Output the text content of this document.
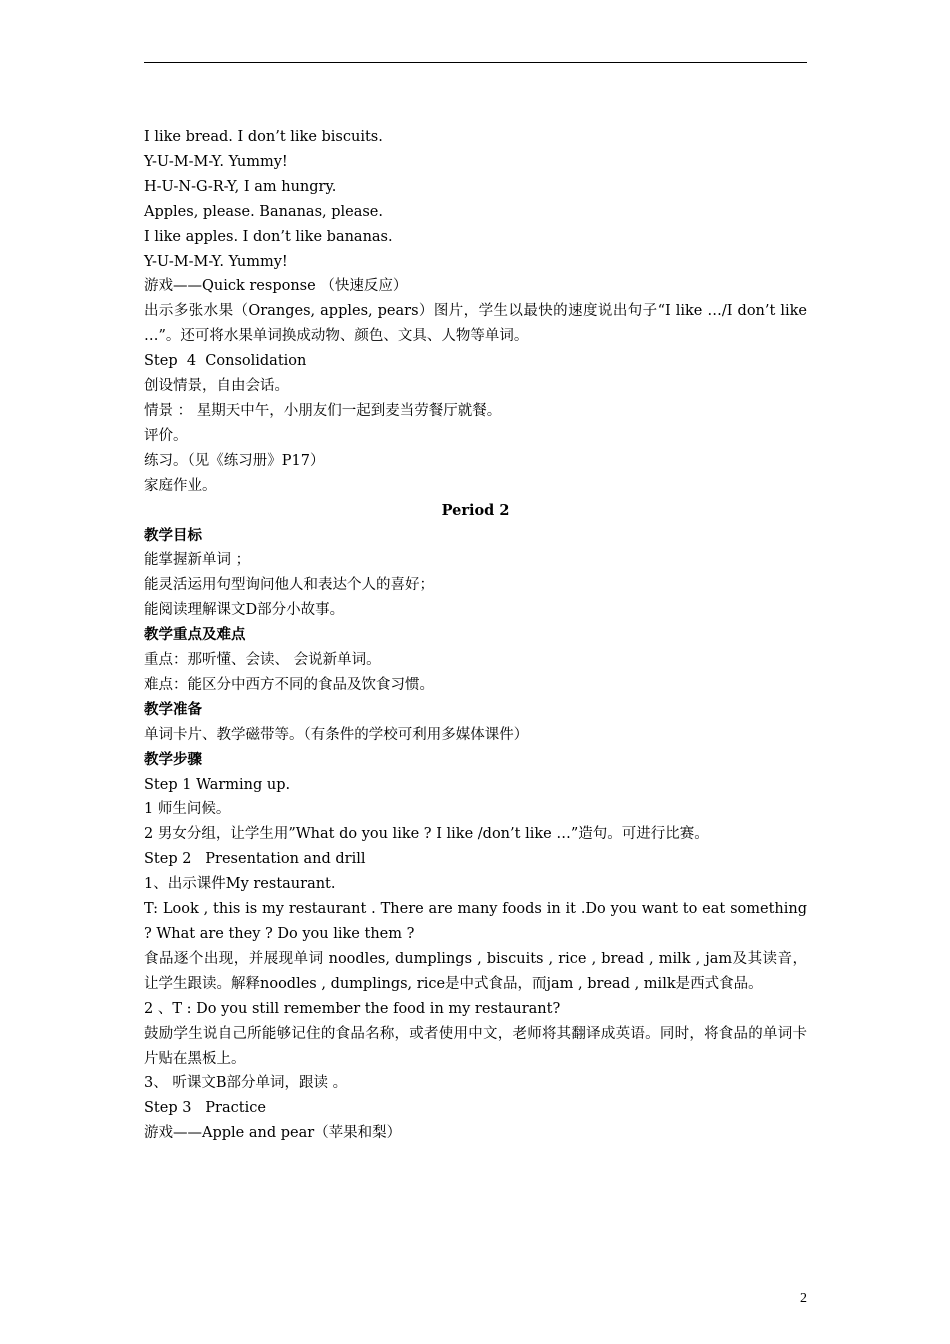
I like bread. I don’t like biscuits.
Y-U-M-M-Y. Yummy!
H-U-N-G-R-Y, I am hungry.
Apples, please. Bananas, please.
I like apples. I don’t like bananas.
Y-U-M-M-Y. Yummy!
游戏——Quick response （快速反应）
出示多张水果（Oranges, apples, pears）图片，学生以最快的速度说出句子“I like …/I don’t like …”。还可将水果单词换成动物、颜色、文具、人物等单词。
Step  4  Consolidation
创设情景，自由会话。
情景 ： 星期天中午，小朋友们一起到麦当劳餐厅就餐。
评价。
练习。（见《练习册》P17）
家庭作业。
Period 2
教学目标
能掌握新单词 ；
能灵活运用句型询问他人和表达个人的喜好；
能阅读理解课文D部分小故事。
教学重点及难点
重点：那听懂、会读、 会说新单词。
难点：能区分中西方不同的食品及饮食习惯。
教学准备
单词卡片、教学磁带等。（有条件的学校可利用多媒体课件）
教学步骤
Step 1 Warming up.
1 师生问候。
2 男女分组，让学生用”What do you like ? I like /don’t like …”造句。可进行比赛。
Step 2   Presentation and drill
1、出示课件My restaurant.
T: Look , this is my restaurant . There are many foods in it .Do you want to eat something ? What are they ? Do you like them ?
食品逐个出现，并展现单词 noodles, dumplings , biscuits , rice , bread , milk , jam及其读音，让学生跟读。解释noodles , dumplings, rice是中式食品，而jam , bread , milk是西式食品。
2 、T : Do you still remember the food in my restaurant?
鼓励学生说自己所能够记住的食品名称，或者使用中文，老师将其翻译成英语。同时，将食品的单词卡片贴在黑板上。
3、 听课文B部分单词，跟读 。
Step 3   Practice
游戏——Apple and pear（苹果和梨）
2
